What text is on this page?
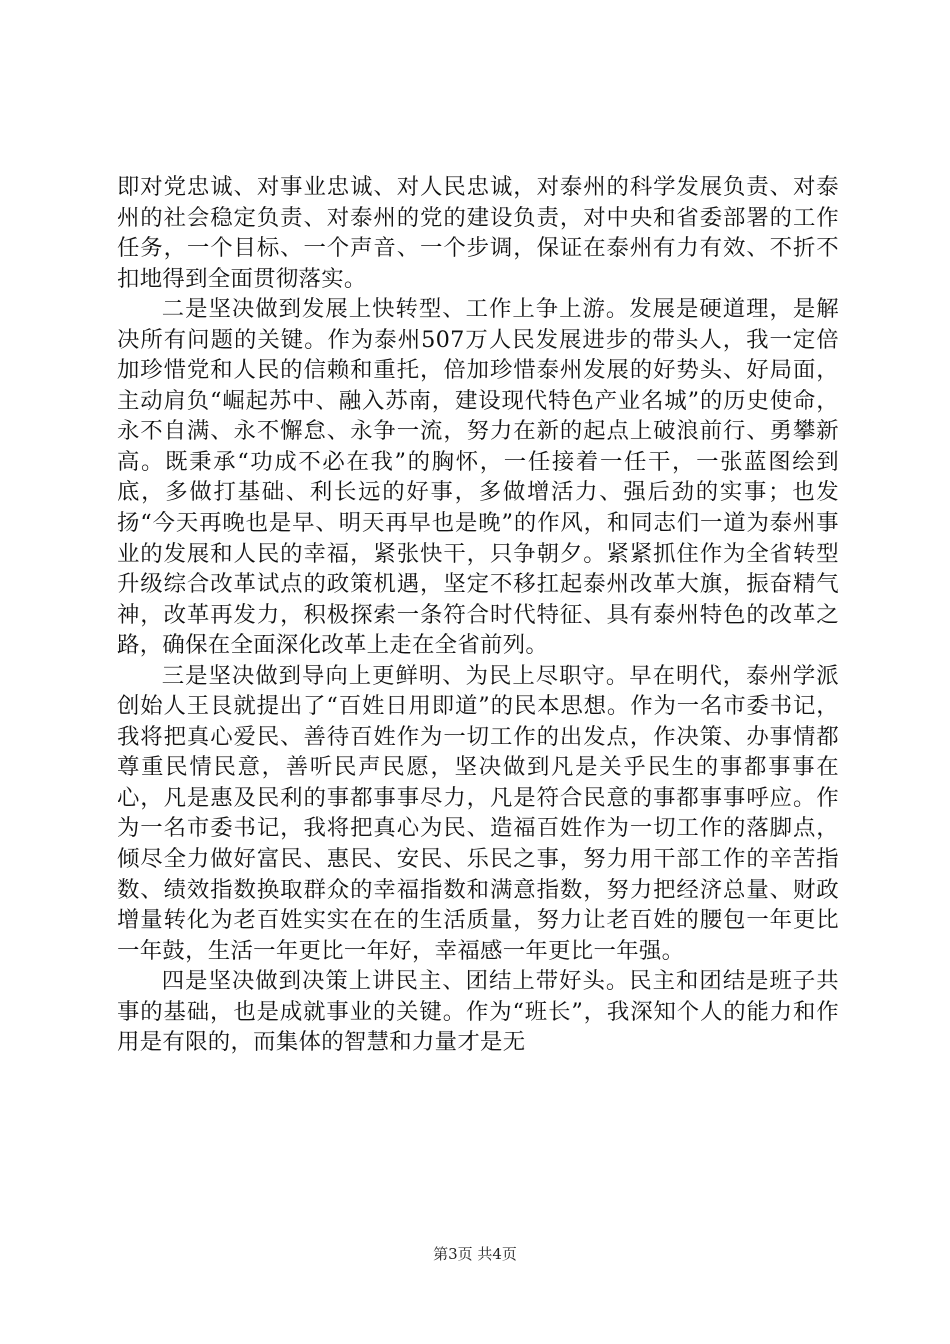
即对党忠诚、对事业忠诚、对人民忠诚，对泰州的科学发展负责、对泰州的社会稳定负责、对泰州的党的建设负责，对中央和省委部署的工作任务，一个目标、一个声音、一个步调，保证在泰州有力有效、不折不扣地得到全面贯彻落实。

二是坚决做到发展上快转型、工作上争上游。发展是硬道理，是解决所有问题的关键。作为泰州507万人民发展进步的带头人，我一定倍加珍惜党和人民的信赖和重托，倍加珍惜泰州发展的好势头、好局面，主动肩负“崛起苏中、融入苏南，建设现代特色产业名城”的历史使命，永不自满、永不懈怠、永争一流，努力在新的起点上破浪前行、勇攀新高。既秉承“功成不必在我”的胸怀，一任接着一任干，一张蓝图绘到底，多做打基础、利长远的好事，多做增活力、强后劲的实事；也发扬“今天再晚也是早、明天再早也是晚”的作风，和同志们一道为泰州事业的发展和人民的幸福，紧张快干，只争朝夕。紧紧抓住作为全省转型升级综合改革试点的政策机遇，坚定不移扛起泰州改革大旗，振奋精气神，改革再发力，积极探索一条符合时代特征、具有泰州特色的改革之路，确保在全面深化改革上走在全省前列。

三是坚决做到导向上更鲜明、为民上尽职守。早在明代，泰州学派创始人王艮就提出了“百姓日用即道”的民本思想。作为一名市委书记，我将把真心爱民、善待百姓作为一切工作的出发点，作决策、办事情都尊重民情民意，善听民声民愿，坚决做到凡是关乎民生的事都事事在心，凡是惠及民利的事都事事尽力，凡是符合民意的事都事事呼应。作为一名市委书记，我将把真心为民、造福百姓作为一切工作的落脚点，倾尽全力做好富民、惠民、安民、乐民之事，努力用干部工作的辛苦指数、绩效指数换取群众的幸福指数和满意指数，努力把经济总量、财政增量转化为老百姓实实在在的生活质量，努力让老百姓的腰包一年更比一年鼓，生活一年更比一年好，幸福感一年更比一年强。

四是坚决做到决策上讲民主、团结上带好头。民主和团结是班子共事的基础，也是成就事业的关键。作为“班长”，我深知个人的能力和作用是有限的，而集体的智慧和力量才是无

第3页 共4页
